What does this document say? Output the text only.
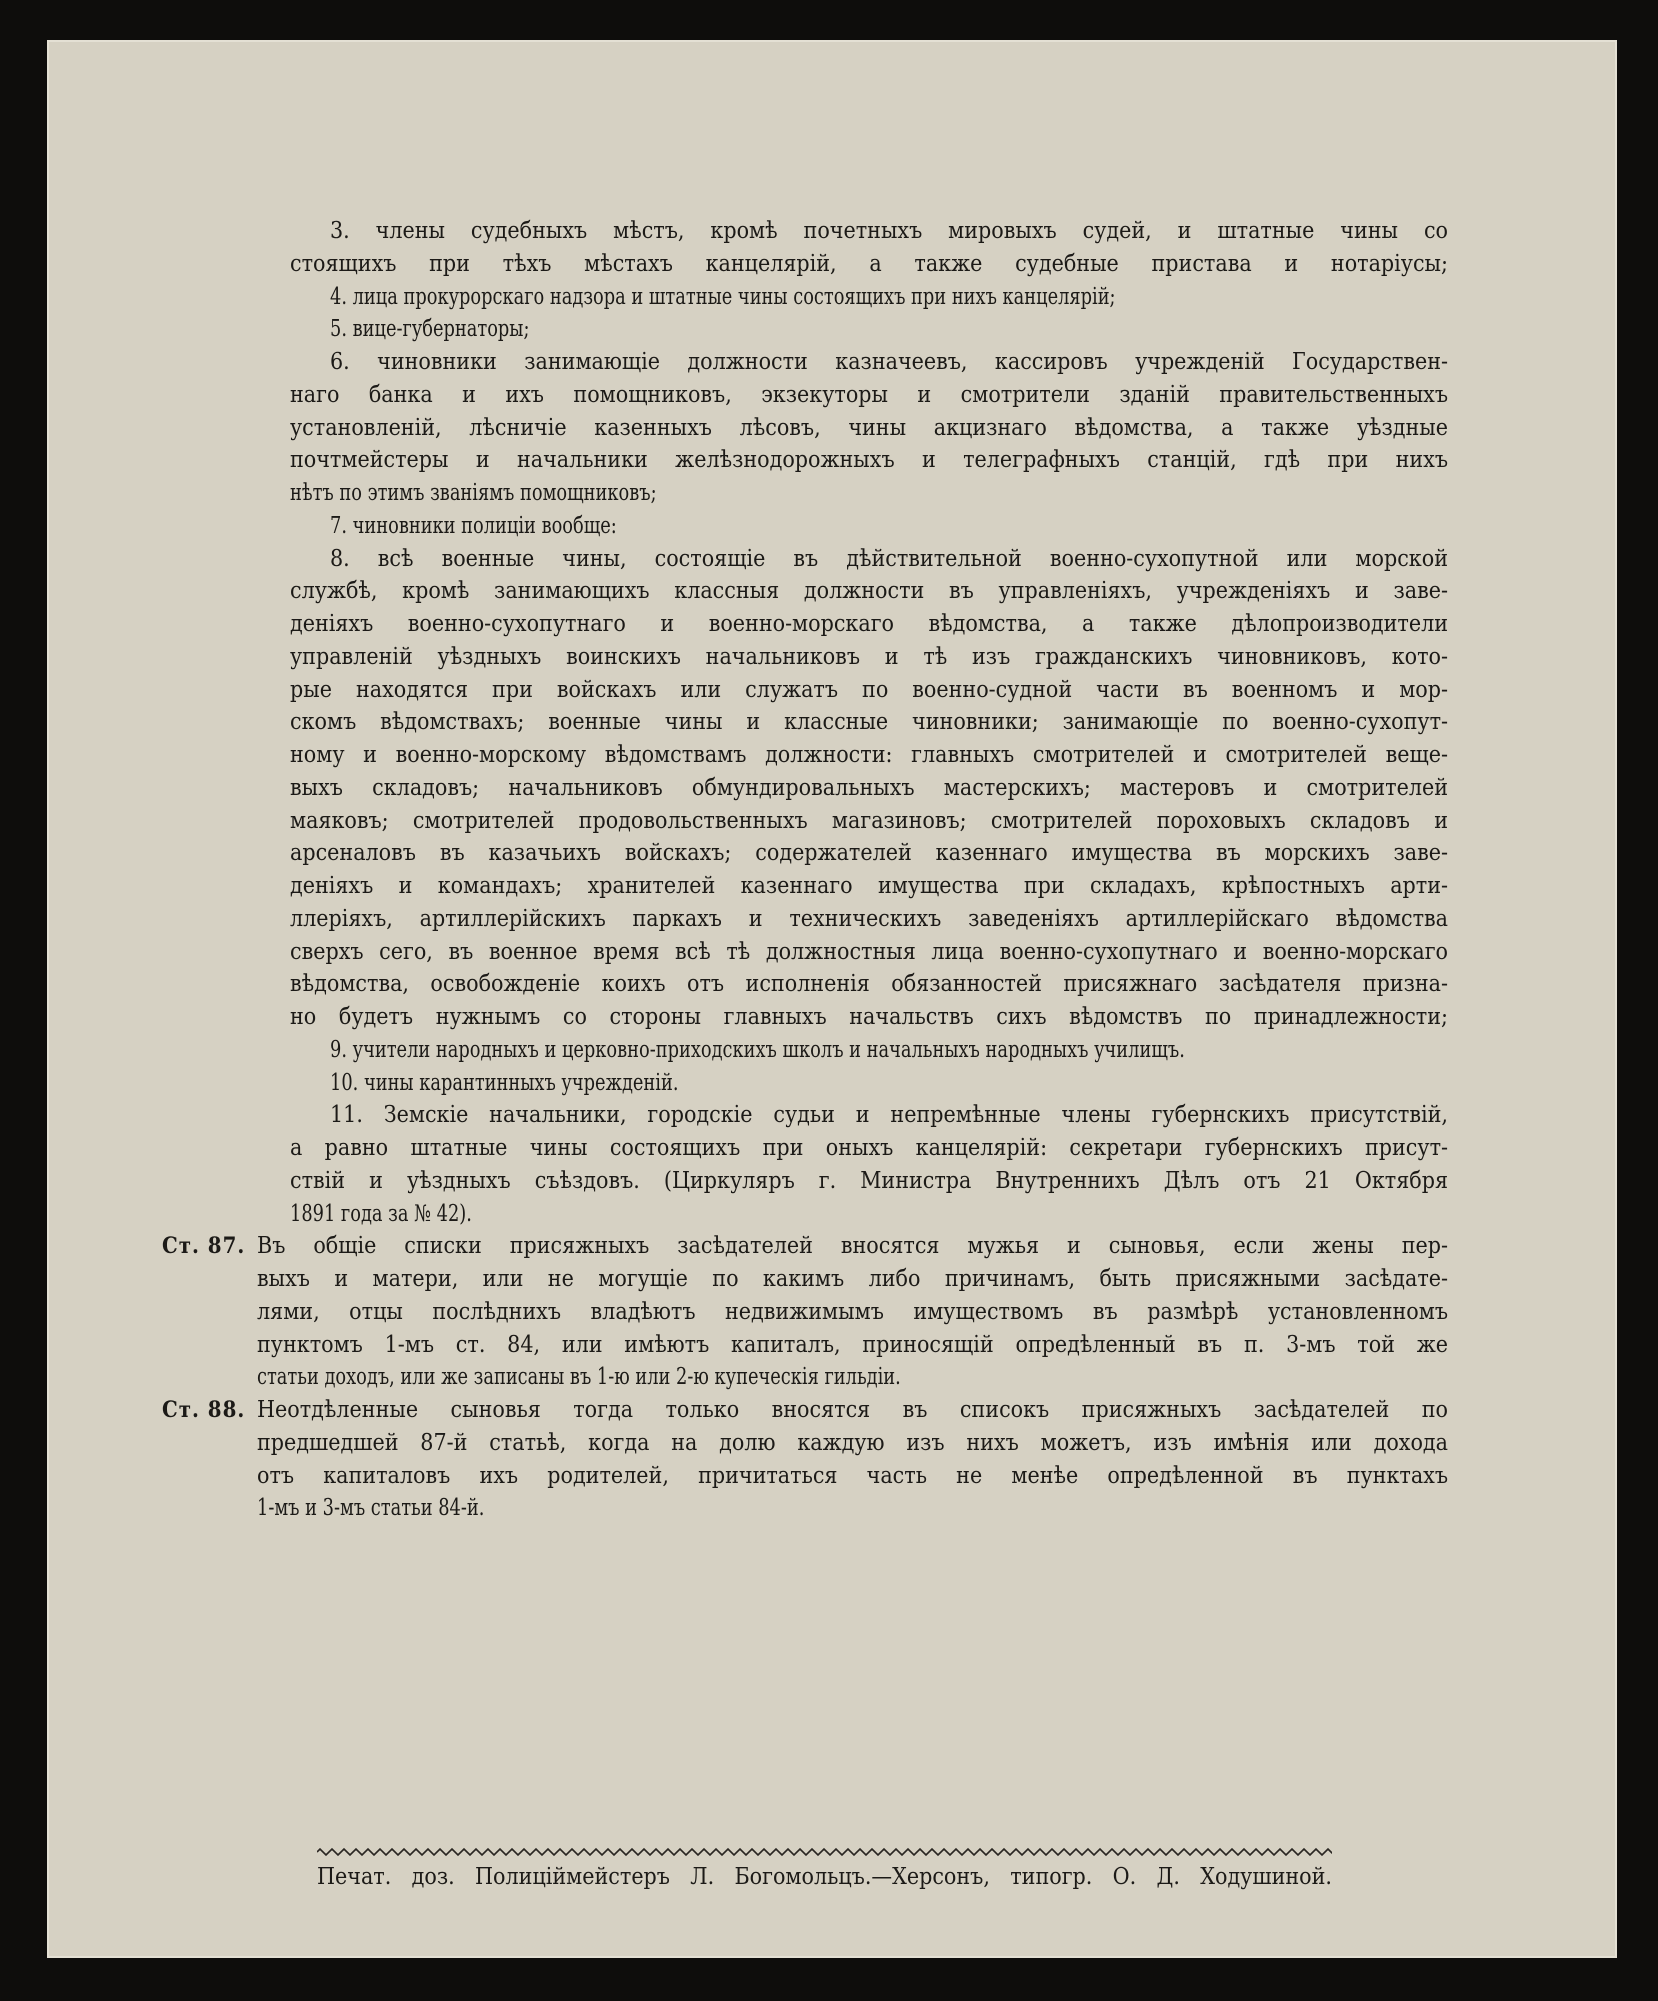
3. члены судебныхъ мѣстъ, кромѣ почетныхъ мировыхъ судей, и штатные чины со
стоящихъ при тѣхъ мѣстахъ канцелярій, а также судебные пристава и нотаріусы;
4. лица прокурорскаго надзора и штатные чины состоящихъ при нихъ канцелярій;
5. вице-губернаторы;
6. чиновники занимающіе должности казначеевъ, кассировъ учрежденій Государствен-
наго банка и ихъ помощниковъ, экзекуторы и смотрители зданій правительственныхъ
установленій, лѣсничіе казенныхъ лѣсовъ, чины акцизнаго вѣдомства, а также уѣздные
почтмейстеры и начальники желѣзнодорожныхъ и телеграфныхъ станцій, гдѣ при нихъ
нѣтъ по этимъ званіямъ помощниковъ;
7. чиновники полиціи вообще:
8. всѣ военные чины, состоящіе въ дѣйствительной военно-сухопутной или морской
службѣ, кромѣ занимающихъ классныя должности въ управленіяхъ, учрежденіяхъ и заве-
деніяхъ военно-сухопутнаго и военно-морскаго вѣдомства, а также дѣлопроизводители
управленій уѣздныхъ воинскихъ начальниковъ и тѣ изъ гражданскихъ чиновниковъ, кото-
рые находятся при войскахъ или служатъ по военно-судной части въ военномъ и мор-
скомъ вѣдомствахъ; военные чины и классные чиновники; занимающіе по военно-сухопут-
ному и военно-морскому вѣдомствамъ должности: главныхъ смотрителей и смотрителей веще-
выхъ складовъ; начальниковъ обмундировальныхъ мастерскихъ; мастеровъ и смотрителей
маяковъ; смотрителей продовольственныхъ магазиновъ; смотрителей пороховыхъ складовъ и
арсеналовъ въ казачьихъ войскахъ; содержателей казеннаго имущества въ морскихъ заве-
деніяхъ и командахъ; хранителей казеннаго имущества при складахъ, крѣпостныхъ арти-
ллеріяхъ, артиллерійскихъ паркахъ и техническихъ заведеніяхъ артиллерійскаго вѣдомства
сверхъ сего, въ военное время всѣ тѣ должностныя лица военно-сухопутнаго и военно-морскаго
вѣдомства, освобожденіе коихъ отъ исполненія обязанностей присяжнаго засѣдателя призна-
но будетъ нужнымъ со стороны главныхъ начальствъ сихъ вѣдомствъ по принадлежности;
9. учители народныхъ и церковно-приходскихъ школъ и начальныхъ народныхъ училищъ.
10. чины карантинныхъ учрежденій.
11. Земскіе начальники, городскіе судьи и непремѣнные члены губернскихъ присутствій,
а равно штатные чины состоящихъ при оныхъ канцелярій: секретари губернскихъ присут-
ствій и уѣздныхъ съѣздовъ. (Циркуляръ г. Министра Внутреннихъ Дѣлъ отъ 21 Октября
1891 года за № 42).
Ст. 87. Въ общіе списки присяжныхъ засѣдателей вносятся мужья и сыновья, если жены пер-
выхъ и матери, или не могущіе по какимъ либо причинамъ, быть присяжными засѣдате-
лями, отцы послѣднихъ владѣютъ недвижимымъ имуществомъ въ размѣрѣ установленномъ
пунктомъ 1-мъ ст. 84, или имѣютъ капиталъ, приносящій опредѣленный въ п. 3-мъ той же
статьи доходъ, или же записаны въ 1-ю или 2-ю купеческія гильдіи.
Ст. 88. Неотдѣленные сыновья тогда только вносятся въ списокъ присяжныхъ засѣдателей по
предшедшей 87-й статьѣ, когда на долю каждую изъ нихъ можетъ, изъ имѣнія или дохода
отъ капиталовъ ихъ родителей, причитаться часть не менѣе опредѣленной въ пунктахъ
1-мъ и 3-мъ статьи 84-й.
Печат. доз. Полиціймейстеръ Л. Богомольцъ.—Херсонъ, типогр. О. Д. Ходушиной.
